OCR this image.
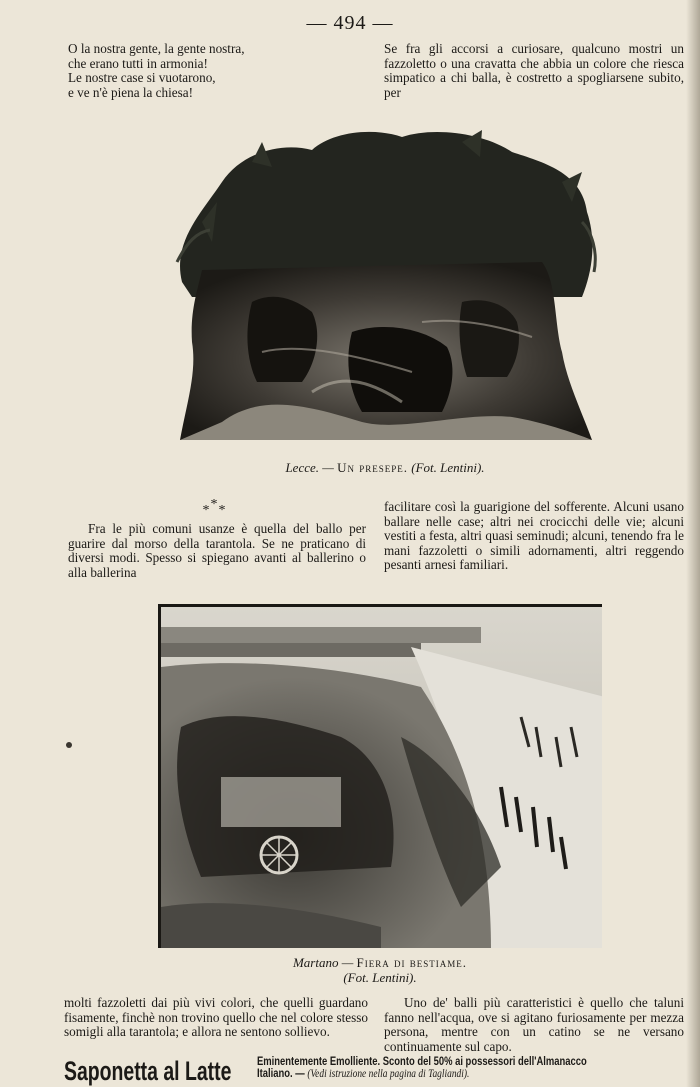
— 494 —
O la nostra gente, la gente nostra,
che erano tutti in armonia!
Le nostre case si vuotarono,
e ve n'è piena la chiesa!

Se fra gli accorsi a curiosare, qualcuno mostri un fazzoletto o una cravatta che abbia un colore che riesca simpatico a chi balla, è costretto a spogliarsene subito, per

Lecce. — Un presepe. (Fot. Lentini).
***

Fra le più comuni usanze è quella del ballo per guarire dal morso della tarantola. Se ne praticano di diversi modi. Spesso si spiegano avanti al ballerino o alla ballerina

facilitare così la guarigione del sofferente. Alcuni usano ballare nelle case; altri nei crocicchi delle vie; alcuni vestiti a festa, altri quasi seminudi; alcuni, tenendo fra le mani fazzoletti o simili adornamenti, altri reggendo pesanti arnesi familiari.

Martano — Fiera di bestiame.
(Fot. Lentini).

molti fazzoletti dai più vivi colori, che quelli guardano fisamente, finchè non trovino quello che nel colore stesso somigli alla tarantola; e allora ne sentono sollievo.

Uno de' balli più caratteristici è quello che taluni fanno nell'acqua, ove si agitano furiosamente per mezza persona, mentre con un catino se ne versano continuamente sul capo.

Saponetta al Latte	Eminentemente Emolliente. Sconto del 50% ai possessori dell'Almanacco
Italiano. — (Vedi istruzione nella pagina di Tagliandi).
